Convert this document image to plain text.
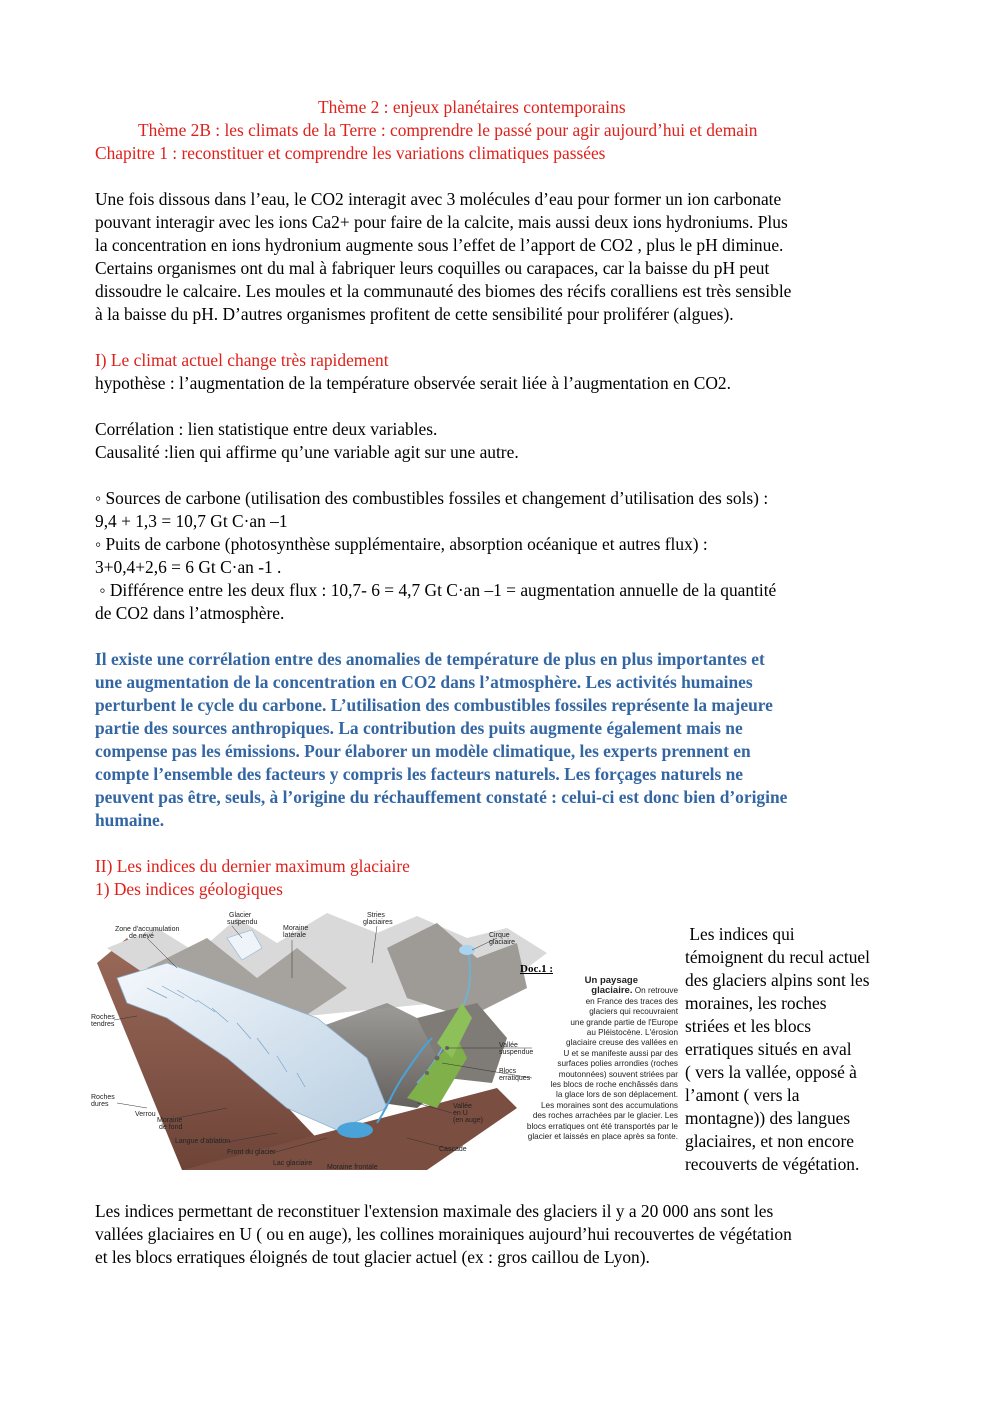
Thème 2 : enjeux planétaires contemporains
Thème 2B : les climats de la Terre : comprendre le passé pour agir aujourd’hui et demain
Chapitre 1 : reconstituer et comprendre les variations climatiques passées
Une fois dissous dans l’eau, le CO2 interagit avec 3 molécules d’eau pour former un ion carbonate
pouvant interagir avec les ions Ca2+ pour faire de la calcite, mais aussi deux ions hydroniums. Plus
la concentration en ions hydronium augmente sous l’effet de l’apport de CO2 , plus le pH diminue.
Certains organismes ont du mal à fabriquer leurs coquilles ou carapaces, car la baisse du pH peut
dissoudre le calcaire. Les moules et la communauté des biomes des récifs coralliens est très sensible
à la baisse du pH. D’autres organismes profitent de cette sensibilité pour proliférer (algues).
I) Le climat actuel change très rapidement
hypothèse : l’augmentation de la température observée serait liée à l’augmentation en CO2.
Corrélation : lien statistique entre deux variables.
Causalité :lien qui affirme qu’une variable agit sur une autre.
◦ Sources de carbone (utilisation des combustibles fossiles et changement d’utilisation des sols) :
9,4 + 1,3 = 10,7 Gt C·an –1
◦ Puits de carbone (photosynthèse supplémentaire, absorption océanique et autres flux) :
3+0,4+2,6 = 6 Gt C·an -1 .
◦ Différence entre les deux flux : 10,7- 6 = 4,7 Gt C·an –1 = augmentation annuelle de la quantité
de CO2 dans l’atmosphère.
Il existe une corrélation entre des anomalies de température de plus en plus importantes et
une augmentation de la concentration en CO2 dans l’atmosphère. Les activités humaines
perturbent le cycle du carbone. L’utilisation des combustibles fossiles représente la majeure
partie des sources anthropiques. La contribution des puits augmente également mais ne
compense pas les émissions. Pour élaborer un modèle climatique, les experts prennent en
compte l’ensemble des facteurs y compris les facteurs naturels. Les forçages naturels ne
peuvent pas être, seuls, à l’origine du réchauffement constaté : celui-ci est donc bien d’origine
humaine.
II) Les indices du dernier maximum glaciaire
1) Des indices géologiques
Zone d'accumulation
de névé
Glacier
suspendu
Moraine
latérale
Stries
glaciaires
Cirque
glaciaire
Roches
tendres
Vallée
suspendue
Blocs
erratiques
Roches
dures
Verrou
Moraine
de fond
Vallée
en U
(en auge)
Langue d'ablation
Front du glacier
Lac glaciaire
Moraine frontale
Cascade
Doc.1 :
Un paysage
glaciaire. On retrouve
en France des traces des
glaciers qui recouvraient
une grande partie de l'Europe
au Pléistocène. L'érosion
glaciaire creuse des vallées en
U et se manifeste aussi par des
surfaces polies arrondies (roches
moutonnées) souvent striées par
les blocs de roche enchâssés dans
la glace lors de son déplacement.
Les moraines sont des accumulations
des roches arrachées par le glacier. Les
blocs erratiques ont été transportés par le
glacier et laissés en place après sa fonte.
Les indices qui
témoignent du recul actuel
des glaciers alpins sont les
moraines, les roches
striées et les blocs
erratiques situés en aval
( vers la vallée, opposé à
l’amont ( vers la
montagne)) des langues
glaciaires, et non encore
recouverts de végétation.
Les indices permettant de reconstituer l'extension maximale des glaciers il y a 20 000 ans sont les
vallées glaciaires en U ( ou en auge), les collines morainiques aujourd’hui recouvertes de végétation
et les blocs erratiques éloignés de tout glacier actuel (ex : gros caillou de Lyon).
